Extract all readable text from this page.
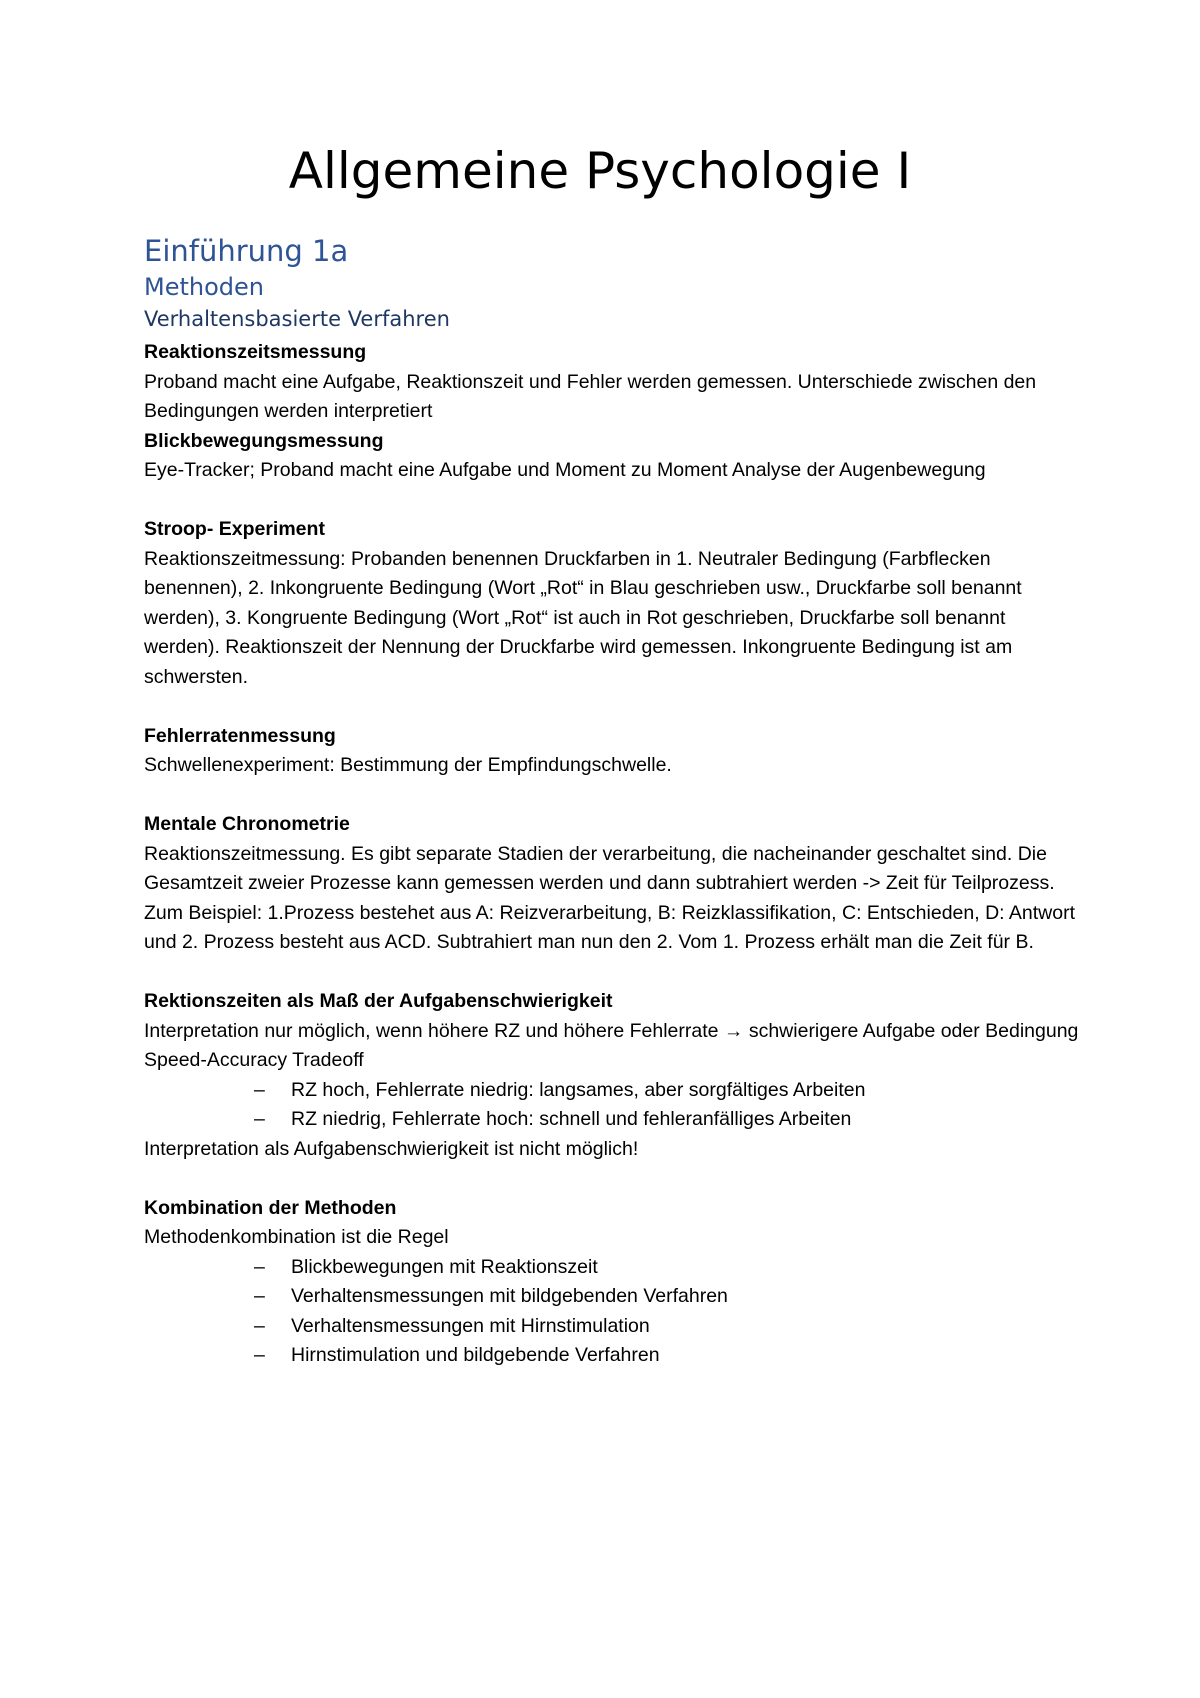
Allgemeine Psychologie I
Einführung 1a
Methoden
Verhaltensbasierte Verfahren

Reaktionszeitsmessung

Proband macht eine Aufgabe, Reaktionszeit und Fehler werden gemessen. Unterschiede zwischen den Bedingungen werden interpretiert

Blickbewegungsmessung

Eye-Tracker; Proband macht eine Aufgabe und Moment zu Moment Analyse der Augenbewegung

Stroop- Experiment

Reaktionszeitmessung: Probanden benennen Druckfarben in 1. Neutraler Bedingung (Farbflecken benennen), 2. Inkongruente Bedingung (Wort „Rot“ in Blau geschrieben usw., Druckfarbe soll benannt werden), 3. Kongruente Bedingung (Wort „Rot“ ist auch in Rot geschrieben, Druckfarbe soll benannt werden). Reaktionszeit der Nennung der Druckfarbe wird gemessen. Inkongruente Bedingung ist am schwersten.

Fehlerratenmessung

Schwellenexperiment: Bestimmung der Empfindungschwelle.

Mentale Chronometrie

Reaktionszeitmessung. Es gibt separate Stadien der verarbeitung, die nacheinander geschaltet sind. Die Gesamtzeit zweier Prozesse kann gemessen werden und dann subtrahiert werden -> Zeit für Teilprozess. Zum Beispiel: 1.Prozess bestehet aus A: Reizverarbeitung, B: Reizklassifikation, C: Entschieden, D: Antwort und 2. Prozess besteht aus ACD. Subtrahiert man nun den 2. Vom 1. Prozess erhält man die Zeit für B.

Rektionszeiten als Maß der Aufgabenschwierigkeit

Interpretation nur möglich, wenn höhere RZ und höhere Fehlerrate → schwierigere Aufgabe oder Bedingung

Speed-Accuracy Tradeoff

– RZ hoch, Fehlerrate niedrig: langsames, aber sorgfältiges Arbeiten
– RZ niedrig, Fehlerrate hoch: schnell und fehleranfälliges Arbeiten

Interpretation als Aufgabenschwierigkeit ist nicht möglich!

Kombination der Methoden

Methodenkombination ist die Regel

– Blickbewegungen mit Reaktionszeit
– Verhaltensmessungen mit bildgebenden Verfahren
– Verhaltensmessungen mit Hirnstimulation
– Hirnstimulation und bildgebende Verfahren
